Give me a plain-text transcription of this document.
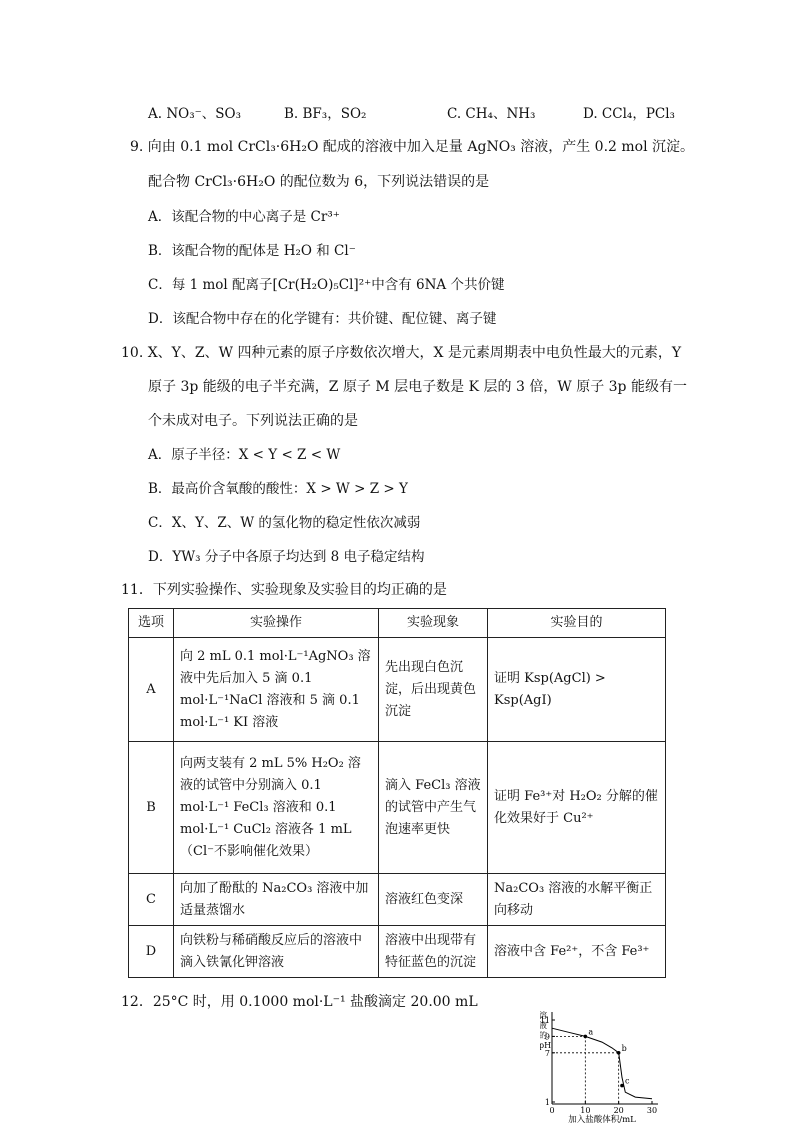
A. NO₃⁻、SO₃	B. BF₃，SO₂	C. CH₄、NH₃	D. CCl₄，PCl₃
9. 向由 0.1 mol CrCl₃·6H₂O 配成的溶液中加入足量 AgNO₃ 溶液，产生 0.2 mol 沉淀。
配合物 CrCl₃·6H₂O 的配位数为 6，下列说法错误的是
A．该配合物的中心离子是 Cr³⁺
B．该配合物的配体是 H₂O 和 Cl⁻
C．每 1 mol 配离子[Cr(H₂O)₅Cl]²⁺中含有 6NA 个共价键
D．该配合物中存在的化学键有：共价键、配位键、离子键
10. X、Y、Z、W 四种元素的原子序数依次增大，X 是元素周期表中电负性最大的元素，Y
原子 3p 能级的电子半充满，Z 原子 M 层电子数是 K 层的 3 倍，W 原子 3p 能级有一
个未成对电子。下列说法正确的是
A．原子半径：X < Y < Z < W
B．最高价含氧酸的酸性：X > W > Z > Y
C．X、Y、Z、W 的氢化物的稳定性依次减弱
D．YW₃ 分子中各原子均达到 8 电子稳定结构
11．下列实验操作、实验现象及实验目的均正确的是
选项	实验操作	实验现象	实验目的
A	向 2 mL 0.1 mol·L⁻¹AgNO₃ 溶液中先后加入 5 滴 0.1 mol·L⁻¹NaCl 溶液和 5 滴 0.1 mol·L⁻¹ KI 溶液	先出现白色沉淀，后出现黄色沉淀	证明 Ksp(AgCl) > Ksp(AgI)
B	向两支装有 2 mL 5% H₂O₂ 溶液的试管中分别滴入 0.1 mol·L⁻¹ FeCl₃ 溶液和 0.1 mol·L⁻¹ CuCl₂ 溶液各 1 mL（Cl⁻不影响催化效果）	滴入 FeCl₃ 溶液的试管中产生气泡速率更快	证明 Fe³⁺对 H₂O₂ 分解的催化效果好于 Cu²⁺
C	向加了酚酞的 Na₂CO₃ 溶液中加适量蒸馏水	溶液红色变深	Na₂CO₃ 溶液的水解平衡正向移动
D	向铁粉与稀硝酸反应后的溶液中滴入铁氰化钾溶液	溶液中出现带有特征蓝色的沉淀	溶液中含 Fe²⁺，不含 Fe³⁺
12．25°C 时，用 0.1000 mol·L⁻¹ 盐酸滴定 20.00 mL
0	10	20	30
1
7
9
11
a
b
c
溶
液
的
pH
加入盐酸体积/mL
